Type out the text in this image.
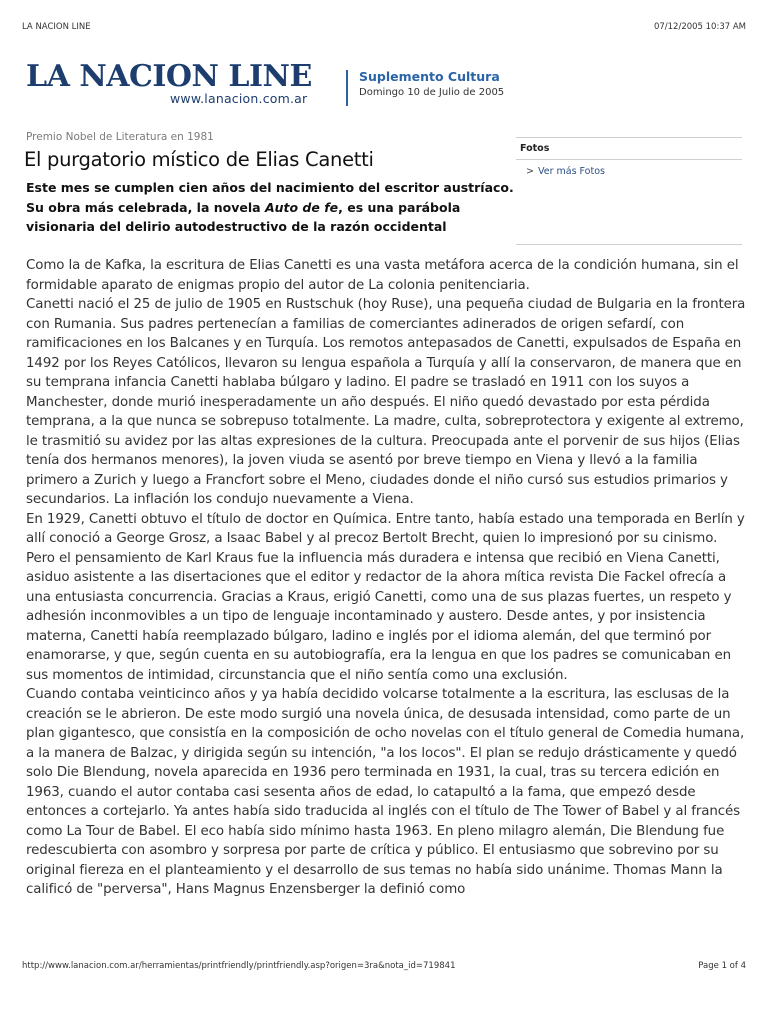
LA NACION LINE	07/12/2005 10:37 AM
LA NACION LINE
www.lanacion.com.ar
Suplemento Cultura
Domingo 10 de Julio de 2005
Premio Nobel de Literatura en 1981
El purgatorio místico de Elias Canetti
Este mes se cumplen cien años del nacimiento del escritor austríaco. Su obra más celebrada, la novela Auto de fe, es una parábola visionaria del delirio autodestructivo de la razón occidental
Fotos
> Ver más Fotos

Como la de Kafka, la escritura de Elias Canetti es una vasta metáfora acerca de la condición humana, sin el formidable aparato de enigmas propio del autor de La colonia penitenciaria.

Canetti nació el 25 de julio de 1905 en Rustschuk (hoy Ruse), una pequeña ciudad de Bulgaria en la frontera con Rumania. Sus padres pertenecían a familias de comerciantes adinerados de origen sefardí, con ramificaciones en los Balcanes y en Turquía. Los remotos antepasados de Canetti, expulsados de España en 1492 por los Reyes Católicos, llevaron su lengua española a Turquía y allí la conservaron, de manera que en su temprana infancia Canetti hablaba búlgaro y ladino. El padre se trasladó en 1911 con los suyos a Manchester, donde murió inesperadamente un año después. El niño quedó devastado por esta pérdida temprana, a la que nunca se sobrepuso totalmente. La madre, culta, sobreprotectora y exigente al extremo, le trasmitió su avidez por las altas expresiones de la cultura. Preocupada ante el porvenir de sus hijos (Elias tenía dos hermanos menores), la joven viuda se asentó por breve tiempo en Viena y llevó a la familia primero a Zurich y luego a Francfort sobre el Meno, ciudades donde el niño cursó sus estudios primarios y secundarios. La inflación los condujo nuevamente a Viena.

En 1929, Canetti obtuvo el título de doctor en Química. Entre tanto, había estado una temporada en Berlín y allí conoció a George Grosz, a Isaac Babel y al precoz Bertolt Brecht, quien lo impresionó por su cinismo. Pero el pensamiento de Karl Kraus fue la influencia más duradera e intensa que recibió en Viena Canetti, asiduo asistente a las disertaciones que el editor y redactor de la ahora mítica revista Die Fackel ofrecía a una entusiasta concurrencia. Gracias a Kraus, erigió Canetti, como una de sus plazas fuertes, un respeto y adhesión inconmovibles a un tipo de lenguaje incontaminado y austero. Desde antes, y por insistencia materna, Canetti había reemplazado búlgaro, ladino e inglés por el idioma alemán, del que terminó por enamorarse, y que, según cuenta en su autobiografía, era la lengua en que los padres se comunicaban en sus momentos de intimidad, circunstancia que el niño sentía como una exclusión.

Cuando contaba veinticinco años y ya había decidido volcarse totalmente a la escritura, las esclusas de la creación se le abrieron. De este modo surgió una novela única, de desusada intensidad, como parte de un plan gigantesco, que consistía en la composición de ocho novelas con el título general de Comedia humana, a la manera de Balzac, y dirigida según su intención, "a los locos". El plan se redujo drásticamente y quedó solo Die Blendung, novela aparecida en 1936 pero terminada en 1931, la cual, tras su tercera edición en 1963, cuando el autor contaba casi sesenta años de edad, lo catapultó a la fama, que empezó desde entonces a cortejarlo. Ya antes había sido traducida al inglés con el título de The Tower of Babel y al francés como La Tour de Babel. El eco había sido mínimo hasta 1963. En pleno milagro alemán, Die Blendung fue redescubierta con asombro y sorpresa por parte de crítica y público. El entusiasmo que sobrevino por su original fiereza en el planteamiento y el desarrollo de sus temas no había sido unánime. Thomas Mann la calificó de "perversa", Hans Magnus Enzensberger la definió como

http://www.lanacion.com.ar/herramientas/printfriendly/printfriendly.asp?origen=3ra&nota_id=719841	Page 1 of 4
